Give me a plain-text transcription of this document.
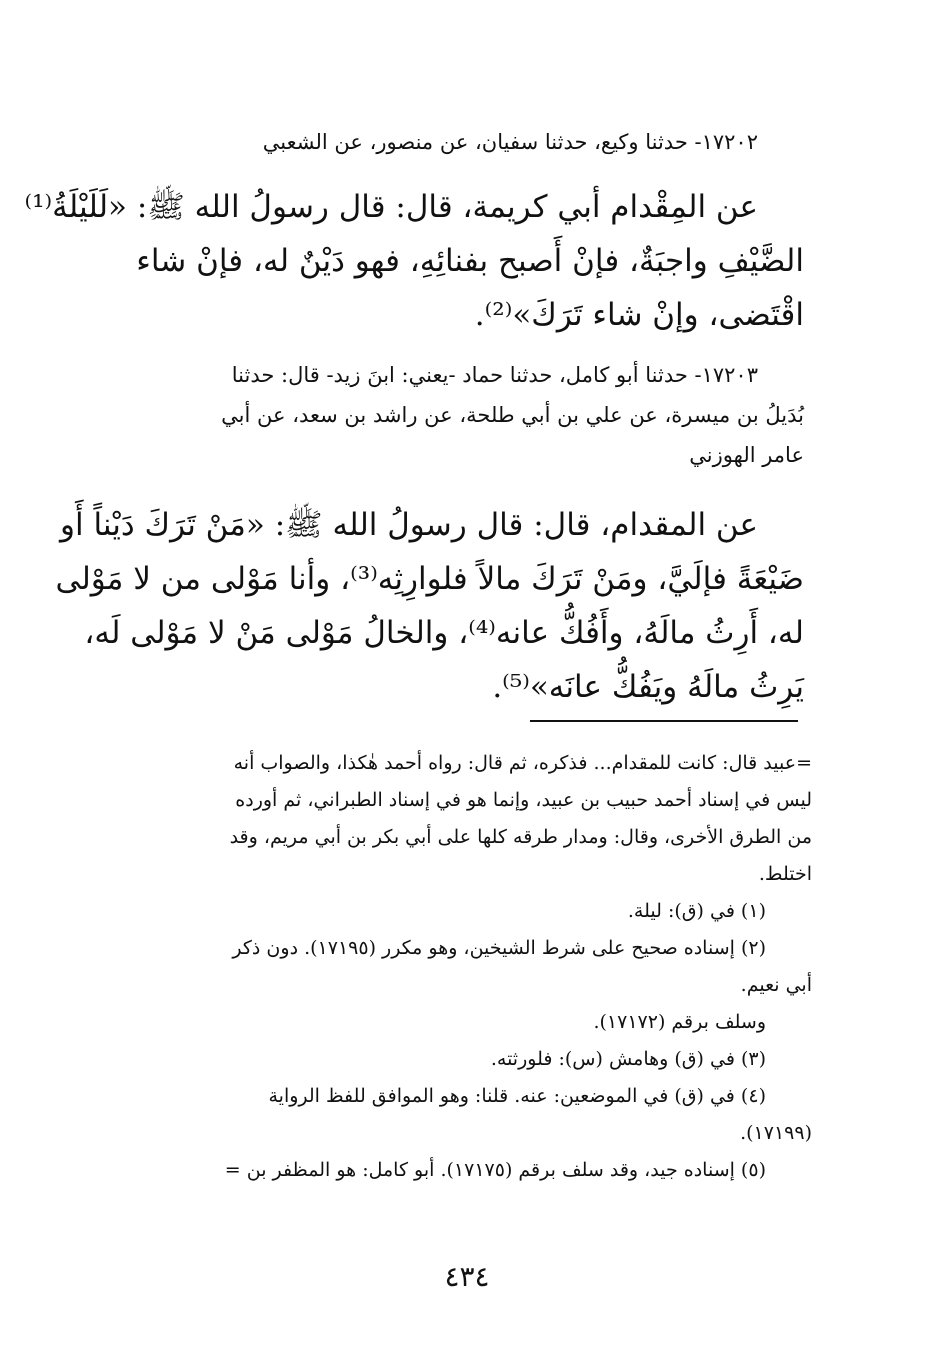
١٧٢٠٢- حدثنا وكيع، حدثنا سفيان، عن منصور، عن الشعبي
عن المِقْدام أبي كريمة، قال: قال رسولُ الله ﷺ: «لَلَيْلَةُ⁽¹⁾
الضَّيْفِ واجبَةٌ، فإنْ أَصبح بفنائِهِ، فهو دَيْنٌ له، فإنْ شاء
اقْتَضى، وإنْ شاء تَرَكَ»⁽²⁾.
١٧٢٠٣- حدثنا أبو كامل، حدثنا حماد -يعني: ابنَ زيد- قال: حدثنا
بُدَيلُ بن ميسرة، عن علي بن أبي طلحة، عن راشد بن سعد، عن أبي
عامر الهوزني
عن المقدام، قال: قال رسولُ الله ﷺ: «مَنْ تَرَكَ دَيْناً أَو
ضَيْعَةً فإلَيَّ، ومَنْ تَرَكَ مالاً فلوارِثِه⁽³⁾، وأنا مَوْلى من لا مَوْلى
له، أَرِثُ مالَهُ، وأَفُكُّ عانه⁽⁴⁾، والخالُ مَوْلى مَنْ لا مَوْلى لَه،
يَرِثُ مالَهُ ويَفُكُّ عانَه»⁽⁵⁾.
=عبيد قال: كانت للمقدام... فذكره، ثم قال: رواه أحمد هٰكذا، والصواب أنه
ليس في إسناد أحمد حبيب بن عبيد، وإنما هو في إسناد الطبراني، ثم أورده
من الطرق الأخرى، وقال: ومدار طرقه كلها على أبي بكر بن أبي مريم، وقد
اختلط.
(١) في (ق): ليلة.
(٢) إسناده صحيح على شرط الشيخين، وهو مكرر (١٧١٩٥). دون ذكر
أبي نعيم.
وسلف برقم (١٧١٧٢).
(٣) في (ق) وهامش (س): فلورثته.
(٤) في (ق) في الموضعين: عنه. قلنا: وهو الموافق للفظ الرواية
(١٧١٩٩).
(٥) إسناده جيد، وقد سلف برقم (١٧١٧٥). أبو كامل: هو المظفر بن =
٤٣٤
